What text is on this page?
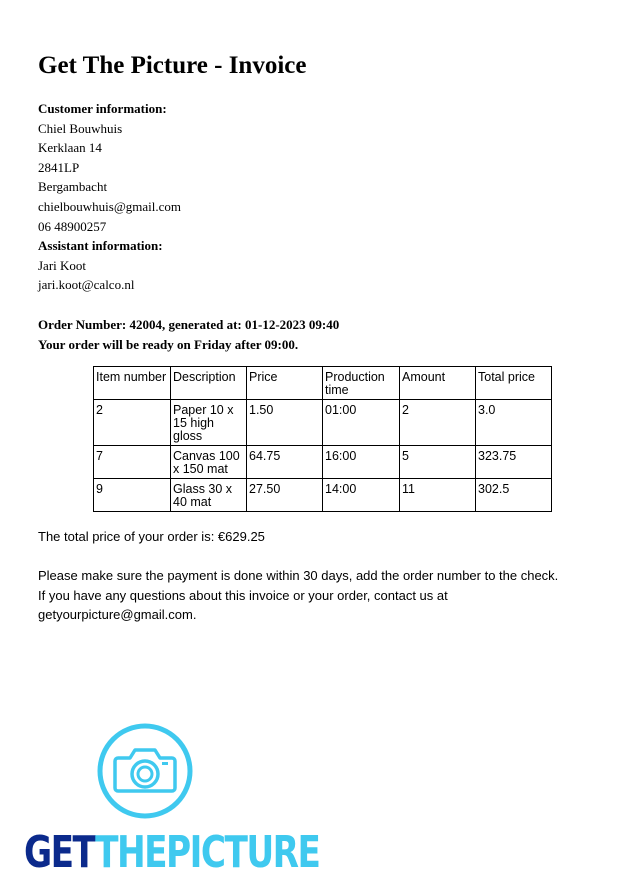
Get The Picture - Invoice
Customer information:
Chiel Bouwhuis
Kerklaan 14
2841LP
Bergambacht
chielbouwhuis@gmail.com
06 48900257
Assistant information:
Jari Koot
jari.koot@calco.nl
Order Number: 42004, generated at: 01-12-2023 09:40
Your order will be ready on Friday after 09:00.
Item number	Description	Price	Production time	Amount	Total price
2	Paper 10 x 15 high gloss	1.50	01:00	2	3.0
7	Canvas 100 x 150 mat	64.75	16:00	5	323.75
9	Glass 30 x 40 mat	27.50	14:00	11	302.5
The total price of your order is: €629.25
Please make sure the payment is done within 30 days, add the order number to the check.
If you have any questions about this invoice or your order, contact us at
getyourpicture@gmail.com.
GETTHEPICTURE
